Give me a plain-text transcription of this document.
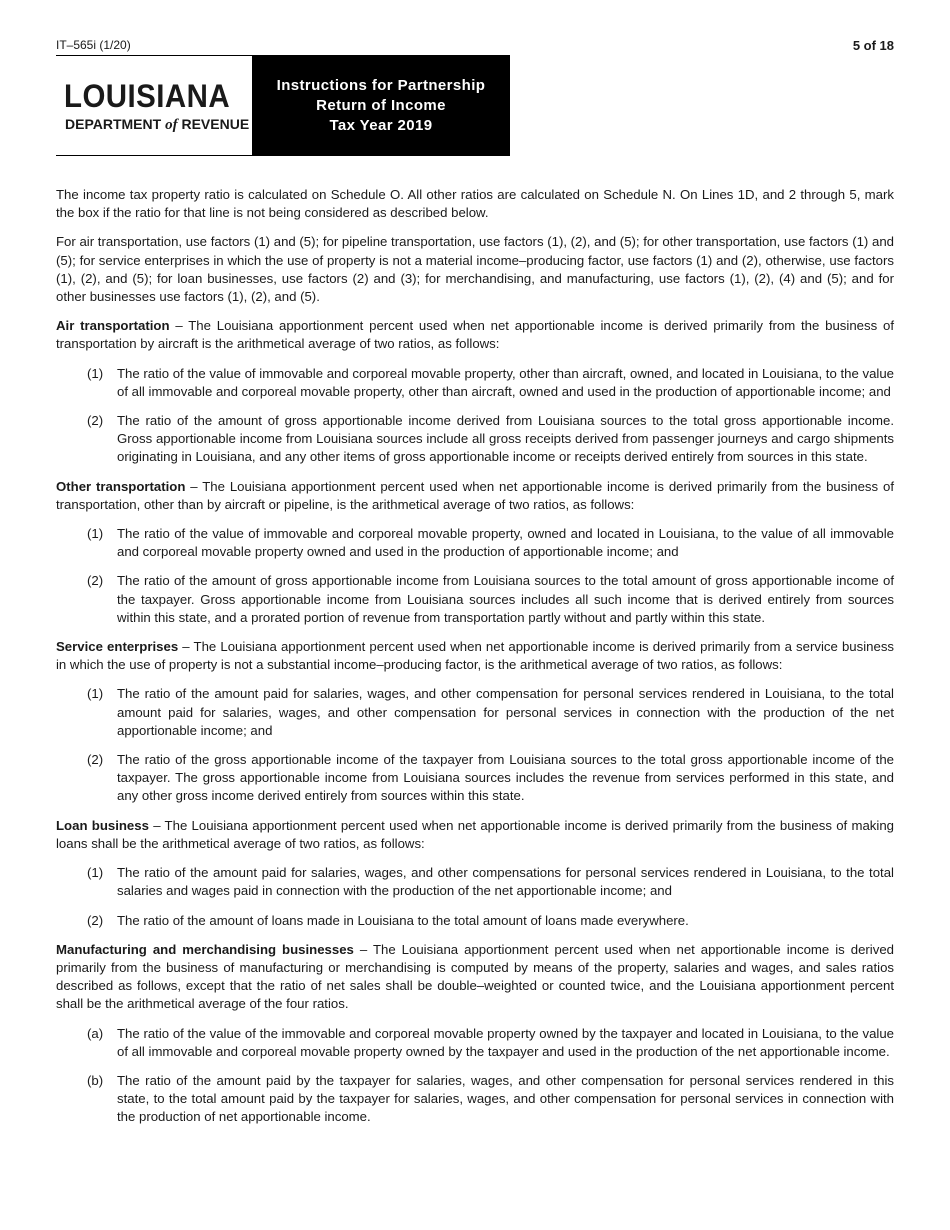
IT–565i (1/20)	5 of 18
LOUISIANA
DEPARTMENT of REVENUE
Instructions for Partnership
Return of Income
Tax Year 2019

The income tax property ratio is calculated on Schedule O. All other ratios are calculated on Schedule N. On Lines 1D, and 2 through 5, mark the box if the ratio for that line is not being considered as described below.

For air transportation, use factors (1) and (5); for pipeline transportation, use factors (1), (2), and (5); for other transportation, use factors (1) and (5); for service enterprises in which the use of property is not a material income–producing factor, use factors (1) and (2), otherwise, use factors (1), (2), and (5); for loan businesses, use factors (2) and (3); for merchandising, and manufacturing, use factors (1), (2), (4) and (5); and for other businesses use factors (1), (2), and (5).

Air transportation – The Louisiana apportionment percent used when net apportionable income is derived primarily from the business of transportation by aircraft is the arithmetical average of two ratios, as follows:

(1)	The ratio of the value of immovable and corporeal movable property, other than aircraft, owned, and located in Louisiana, to the value of all immovable and corporeal movable property, other than aircraft, owned and used in the production of apportionable income; and
(2)	The ratio of the amount of gross apportionable income derived from Louisiana sources to the total gross apportionable income. Gross apportionable income from Louisiana sources include all gross receipts derived from passenger journeys and cargo shipments originating in Louisiana, and any other items of gross apportionable income or receipts derived entirely from sources in this state.

Other transportation – The Louisiana apportionment percent used when net apportionable income is derived primarily from the business of transportation, other than by aircraft or pipeline, is the arithmetical average of two ratios, as follows:

(1)	The ratio of the value of immovable and corporeal movable property, owned and located in Louisiana, to the value of all immovable and corporeal movable property owned and used in the production of apportionable income; and
(2)	The ratio of the amount of gross apportionable income from Louisiana sources to the total amount of gross apportionable income of the taxpayer. Gross apportionable income from Louisiana sources includes all such income that is derived entirely from sources within this state, and a prorated portion of revenue from transportation partly without and partly within this state.

Service enterprises – The Louisiana apportionment percent used when net apportionable income is derived primarily from a service business in which the use of property is not a substantial income–producing factor, is the arithmetical average of two ratios, as follows:

(1)	The ratio of the amount paid for salaries, wages, and other compensation for personal services rendered in Louisiana, to the total amount paid for salaries, wages, and other compensation for personal services in connection with the production of the net apportionable income; and
(2)	The ratio of the gross apportionable income of the taxpayer from Louisiana sources to the total gross apportionable income of the taxpayer. The gross apportionable income from Louisiana sources includes the revenue from services performed in this state, and any other gross income derived entirely from sources within this state.

Loan business – The Louisiana apportionment percent used when net apportionable income is derived primarily from the business of making loans shall be the arithmetical average of two ratios, as follows:

(1)	The ratio of the amount paid for salaries, wages, and other compensations for personal services rendered in Louisiana, to the total salaries and wages paid in connection with the production of the net apportionable income; and
(2)	The ratio of the amount of loans made in Louisiana to the total amount of loans made everywhere.

Manufacturing and merchandising businesses – The Louisiana apportionment percent used when net apportionable income is derived primarily from the business of manufacturing or merchandising is computed by means of the property, salaries and wages, and sales ratios described as follows, except that the ratio of net sales shall be double–weighted or counted twice, and the Louisiana apportionment percent shall be the arithmetical average of the four ratios.

(a)	The ratio of the value of the immovable and corporeal movable property owned by the taxpayer and located in Louisiana, to the value of all immovable and corporeal movable property owned by the taxpayer and used in the production of the net apportionable income.
(b)	The ratio of the amount paid by the taxpayer for salaries, wages, and other compensation for personal services rendered in this state, to the total amount paid by the taxpayer for salaries, wages, and other compensation for personal services in connection with the production of net apportionable income.
